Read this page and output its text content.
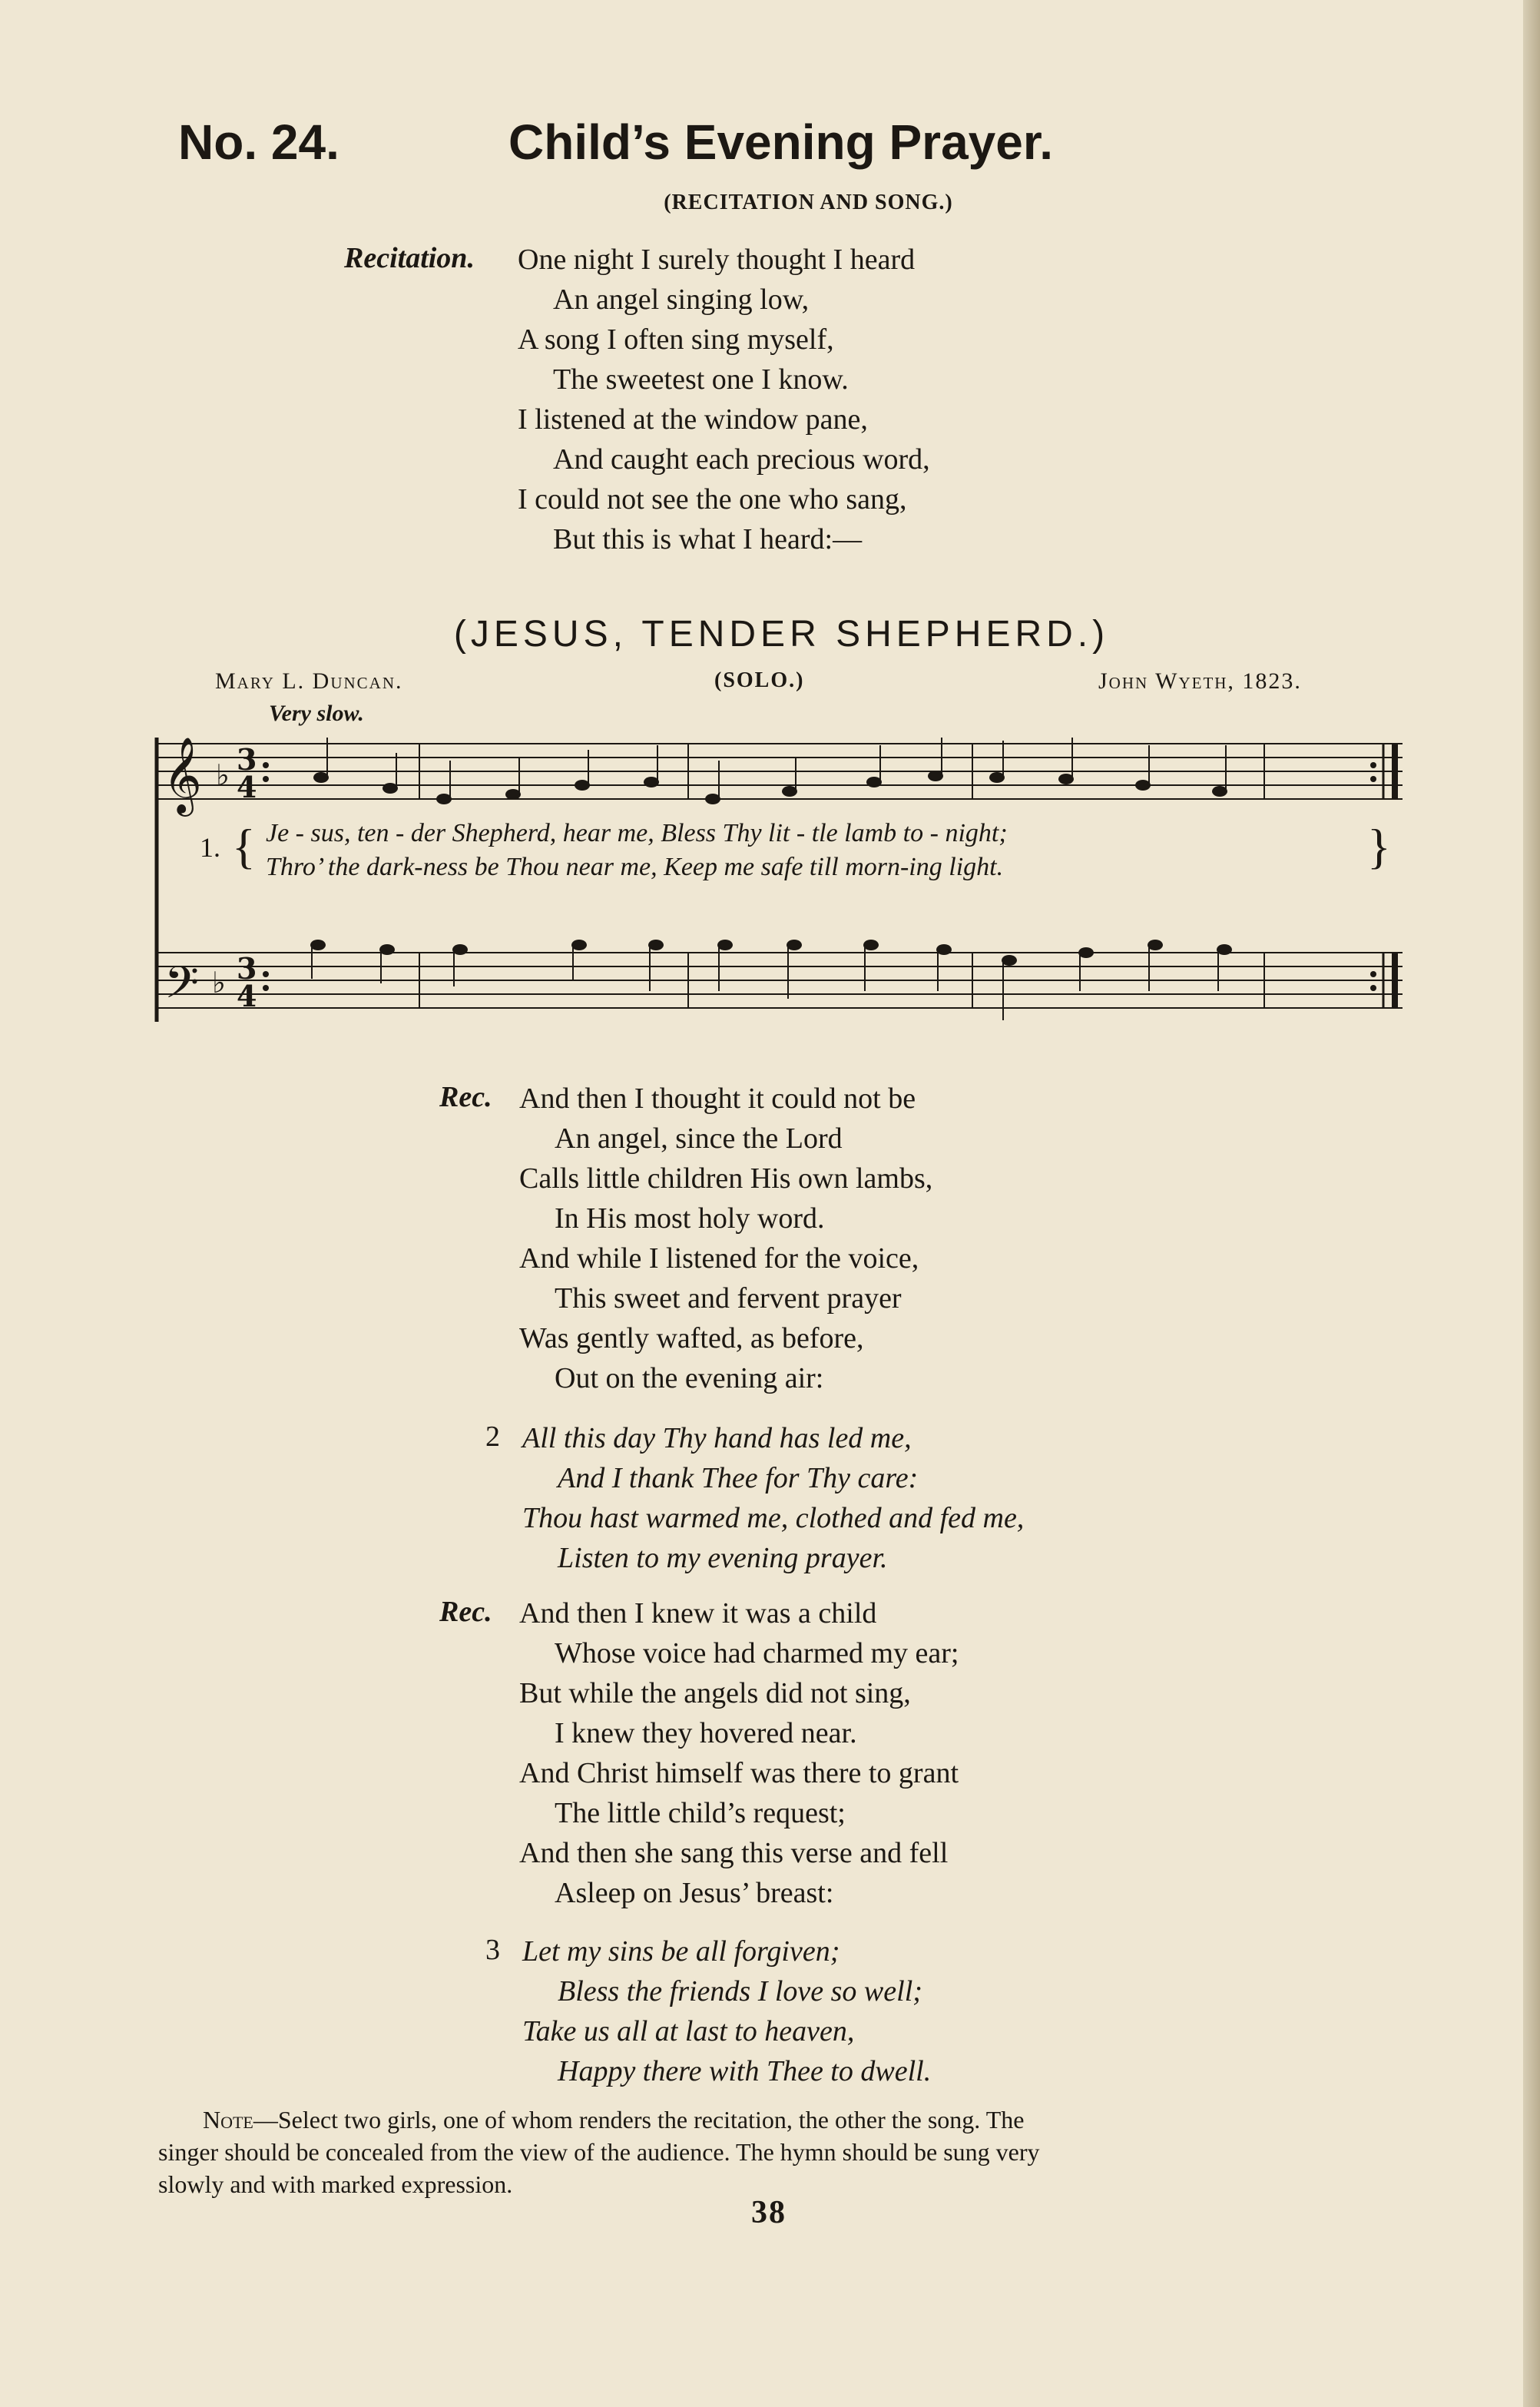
No. 24.	Child’s Evening Prayer.
(RECITATION AND SONG.)
Recitation. One night I surely thought I heard
An angel singing low,
A song I often sing myself,
The sweetest one I know.
I listened at the window pane,
And caught each precious word,
I could not see the one who sang,
But this is what I heard:—
(JESUS, TENDER SHEPHERD.)
Mary L. Duncan.	(SOLO.)	John Wyeth, 1823.
Very slow.
𝄞
𝄢
♭
♭
3
4
3
4
1. { Je - sus, ten - der Shepherd, hear me, Bless Thy lit - tle lamb to - night;
Thro’ the dark-ness be Thou near me, Keep me safe till morn-ing light.	}
Rec. And then I thought it could not be
An angel, since the Lord
Calls little children His own lambs,
In His most holy word.
And while I listened for the voice,
This sweet and fervent prayer
Was gently wafted, as before,
Out on the evening air:
2 All this day Thy hand has led me,
And I thank Thee for Thy care:
Thou hast warmed me, clothed and fed me,
Listen to my evening prayer.
Rec. And then I knew it was a child
Whose voice had charmed my ear;
But while the angels did not sing,
I knew they hovered near.
And Christ himself was there to grant
The little child’s request;
And then she sang this verse and fell
Asleep on Jesus’ breast:
3 Let my sins be all forgiven;
Bless the friends I love so well;
Take us all at last to heaven,
Happy there with Thee to dwell.
Note—Select two girls, one of whom renders the recitation, the other the song. The
singer should be concealed from the view of the audience. The hymn should be sung very
slowly and with marked expression.
38
